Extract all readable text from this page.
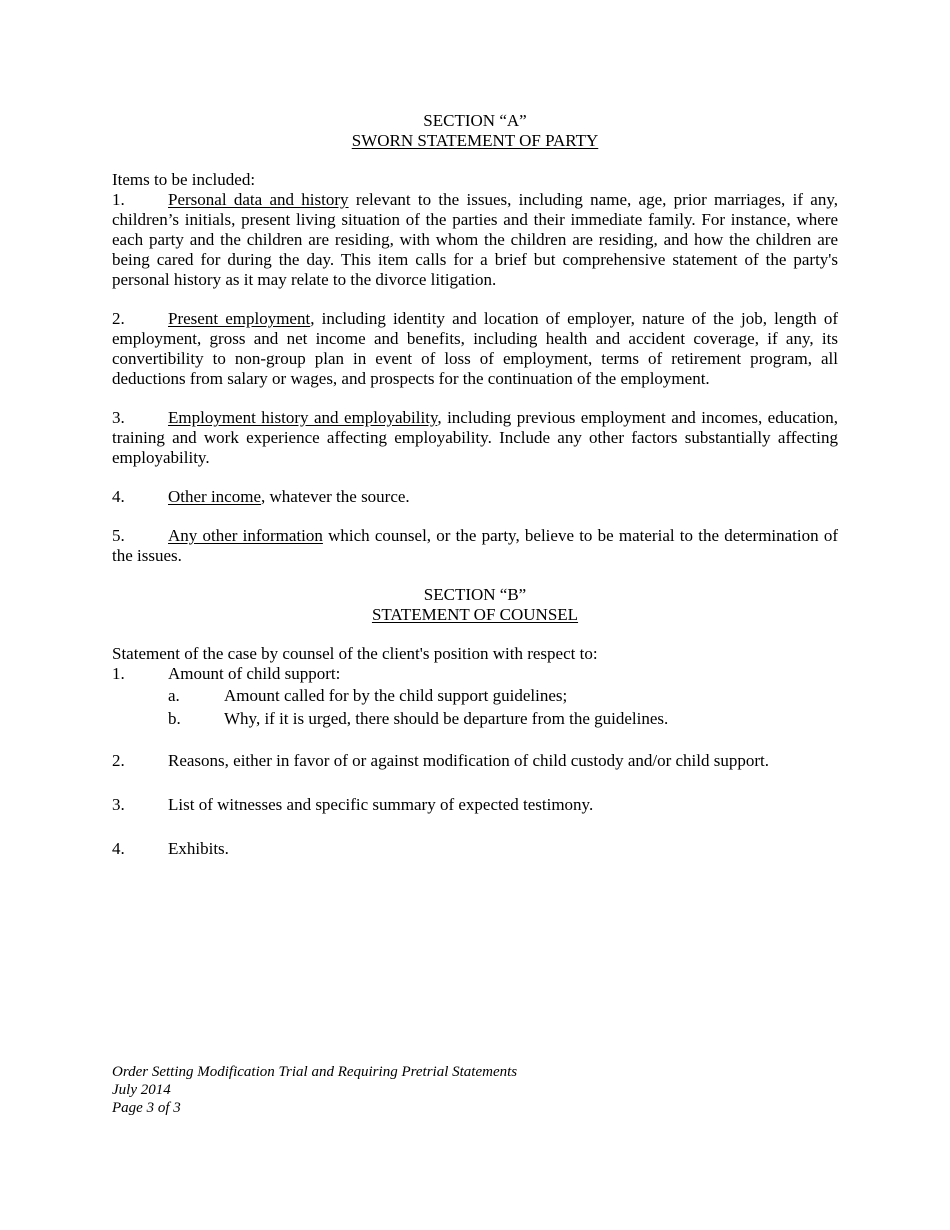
SECTION “A”
SWORN STATEMENT OF PARTY
Items to be included:

1.	Personal data and history relevant to the issues, including name, age, prior marriages, if any, children’s initials, present living situation of the parties and their immediate family. For instance, where each party and the children are residing, with whom the children are residing, and how the children are being cared for during the day. This item calls for a brief but comprehensive statement of the party's personal history as it may relate to the divorce litigation.

2.	Present employment, including identity and location of employer, nature of the job, length of employment, gross and net income and benefits, including health and accident coverage, if any, its convertibility to non-group plan in event of loss of employment, terms of retirement program, all deductions from salary or wages, and prospects for the continuation of the employment.

3.	Employment history and employability, including previous employment and incomes, education, training and work experience affecting employability. Include any other factors substantially affecting employability.

4.	Other income, whatever the source.

5.	Any other information which counsel, or the party, believe to be material to the determination of the issues.

SECTION “B”
STATEMENT OF COUNSEL
Statement of the case by counsel of the client's position with respect to:
1.	Amount of child support:
a.	Amount called for by the child support guidelines;
b.	Why, if it is urged, there should be departure from the guidelines.
2.	Reasons, either in favor of or against modification of child custody and/or child support.
3.	List of witnesses and specific summary of expected testimony.
4.	Exhibits.
Order Setting Modification Trial and Requiring Pretrial Statements
July 2014
Page 3 of 3
